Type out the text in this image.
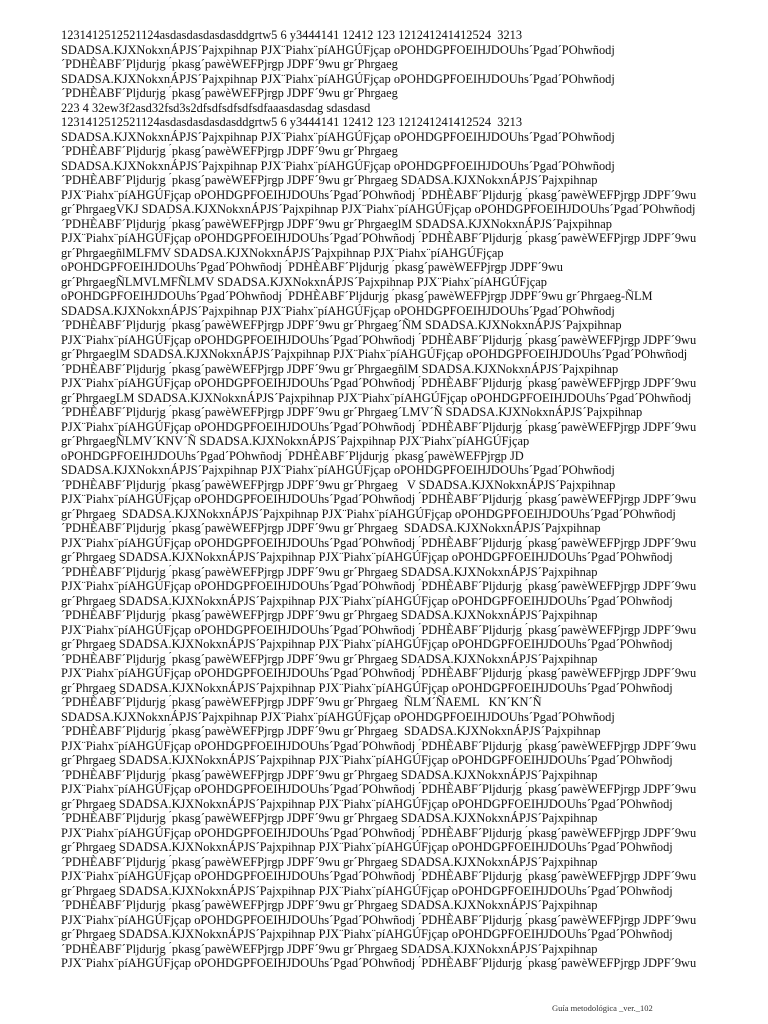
1231412512521124asdasdasdasdasddgrtw5 6 y3444141 12412 123 121241241412524  3213
SDADSA.KJXNokxnÁPJS´Pajxpihnap PJX¨Piahx¨píAHGÚFjçap oPOHDGPFOEIHJDOUhs´Pgad´POhwñodj
´PDHÈABF´Pljdurjg  ́pkasg´pawèWEFPjrgp JDPF´9wu gr´Phrgaeg
SDADSA.KJXNokxnÁPJS´Pajxpihnap PJX¨Piahx¨píAHGÚFjçap oPOHDGPFOEIHJDOUhs´Pgad´POhwñodj
´PDHÈABF´Pljdurjg  ́pkasg´pawèWEFPjrgp JDPF´9wu gr´Phrgaeg
223 4 32ew3f2asd32fsd3s2dfsdfsdfsdfsdfaaasdasdag sdasdasd
1231412512521124asdasdasdasdasddgrtw5 6 y3444141 12412 123 121241241412524  3213
SDADSA.KJXNokxnÁPJS´Pajxpihnap PJX¨Piahx¨píAHGÚFjçap oPOHDGPFOEIHJDOUhs´Pgad´POhwñodj
´PDHÈABF´Pljdurjg  ́pkasg´pawèWEFPjrgp JDPF´9wu gr´Phrgaeg
SDADSA.KJXNokxnÁPJS´Pajxpihnap PJX¨Piahx¨píAHGÚFjçap oPOHDGPFOEIHJDOUhs´Pgad´POhwñodj
´PDHÈABF´Pljdurjg  ́pkasg´pawèWEFPjrgp JDPF´9wu gr´Phrgaeg SDADSA.KJXNokxnÁPJS´Pajxpihnap
PJX¨Piahx¨píAHGÚFjçap oPOHDGPFOEIHJDOUhs´Pgad´POhwñodj  ́PDHÈABF´Pljdurjg  ́pkasg´pawèWEFPjrgp JDPF´9wu
gr´PhrgaegVKJ SDADSA.KJXNokxnÁPJS´Pajxpihnap PJX¨Piahx¨píAHGÚFjçap oPOHDGPFOEIHJDOUhs´Pgad´POhwñodj
´PDHÈABF´Pljdurjg  ́pkasg´pawèWEFPjrgp JDPF´9wu gr´PhrgaeglM SDADSA.KJXNokxnÁPJS´Pajxpihnap
PJX¨Piahx¨píAHGÚFjçap oPOHDGPFOEIHJDOUhs´Pgad´POhwñodj  ́PDHÈABF´Pljdurjg  ́pkasg´pawèWEFPjrgp JDPF´9wu
gr´PhrgaegñlMLFMV SDADSA.KJXNokxnÁPJS´Pajxpihnap PJX¨Piahx¨píAHGÚFjçap
oPOHDGPFOEIHJDOUhs´Pgad´POhwñodj  ́PDHÈABF´Pljdurjg  ́pkasg´pawèWEFPjrgp JDPF´9wu
gr´PhrgaegÑLMVLMFÑLMV SDADSA.KJXNokxnÁPJS´Pajxpihnap PJX¨Piahx¨píAHGÚFjçap
oPOHDGPFOEIHJDOUhs´Pgad´POhwñodj  ́PDHÈABF´Pljdurjg  ́pkasg´pawèWEFPjrgp JDPF´9wu gr´Phrgaeg-ÑLM
SDADSA.KJXNokxnÁPJS´Pajxpihnap PJX¨Piahx¨píAHGÚFjçap oPOHDGPFOEIHJDOUhs´Pgad´POhwñodj
´PDHÈABF´Pljdurjg  ́pkasg´pawèWEFPjrgp JDPF´9wu gr´Phrgaeg´ÑM SDADSA.KJXNokxnÁPJS´Pajxpihnap
PJX¨Piahx¨píAHGÚFjçap oPOHDGPFOEIHJDOUhs´Pgad´POhwñodj  ́PDHÈABF´Pljdurjg  ́pkasg´pawèWEFPjrgp JDPF´9wu
gr´PhrgaeglM SDADSA.KJXNokxnÁPJS´Pajxpihnap PJX¨Piahx¨píAHGÚFjçap oPOHDGPFOEIHJDOUhs´Pgad´POhwñodj
´PDHÈABF´Pljdurjg  ́pkasg´pawèWEFPjrgp JDPF´9wu gr´PhrgaegñlM SDADSA.KJXNokxnÁPJS´Pajxpihnap
PJX¨Piahx¨píAHGÚFjçap oPOHDGPFOEIHJDOUhs´Pgad´POhwñodj  ́PDHÈABF´Pljdurjg  ́pkasg´pawèWEFPjrgp JDPF´9wu
gr´PhrgaegLM SDADSA.KJXNokxnÁPJS´Pajxpihnap PJX¨Piahx¨píAHGÚFjçap oPOHDGPFOEIHJDOUhs´Pgad´POhwñodj
´PDHÈABF´Pljdurjg  ́pkasg´pawèWEFPjrgp JDPF´9wu gr´Phrgaeg´LMV´Ñ SDADSA.KJXNokxnÁPJS´Pajxpihnap
PJX¨Piahx¨píAHGÚFjçap oPOHDGPFOEIHJDOUhs´Pgad´POhwñodj  ́PDHÈABF´Pljdurjg  ́pkasg´pawèWEFPjrgp JDPF´9wu
gr´PhrgaegÑLMV´KNV´Ñ SDADSA.KJXNokxnÁPJS´Pajxpihnap PJX¨Piahx¨píAHGÚFjçap
oPOHDGPFOEIHJDOUhs´Pgad´POhwñodj  ́PDHÈABF´Pljdurjg  ́pkasg´pawèWEFPjrgp JD
SDADSA.KJXNokxnÁPJS´Pajxpihnap PJX¨Piahx¨píAHGÚFjçap oPOHDGPFOEIHJDOUhs´Pgad´POhwñodj
´PDHÈABF´Pljdurjg  ́pkasg´pawèWEFPjrgp JDPF´9wu gr´Phrgaeg   V SDADSA.KJXNokxnÁPJS´Pajxpihnap
PJX¨Piahx¨píAHGÚFjçap oPOHDGPFOEIHJDOUhs´Pgad´POhwñodj  ́PDHÈABF´Pljdurjg  ́pkasg´pawèWEFPjrgp JDPF´9wu
gr´Phrgaeg  SDADSA.KJXNokxnÁPJS´Pajxpihnap PJX¨Piahx¨píAHGÚFjçap oPOHDGPFOEIHJDOUhs´Pgad´POhwñodj
´PDHÈABF´Pljdurjg  ́pkasg´pawèWEFPjrgp JDPF´9wu gr´Phrgaeg  SDADSA.KJXNokxnÁPJS´Pajxpihnap
PJX¨Piahx¨píAHGÚFjçap oPOHDGPFOEIHJDOUhs´Pgad´POhwñodj  ́PDHÈABF´Pljdurjg  ́pkasg´pawèWEFPjrgp JDPF´9wu
gr´Phrgaeg SDADSA.KJXNokxnÁPJS´Pajxpihnap PJX¨Piahx¨píAHGÚFjçap oPOHDGPFOEIHJDOUhs´Pgad´POhwñodj
´PDHÈABF´Pljdurjg  ́pkasg´pawèWEFPjrgp JDPF´9wu gr´Phrgaeg SDADSA.KJXNokxnÁPJS´Pajxpihnap
PJX¨Piahx¨píAHGÚFjçap oPOHDGPFOEIHJDOUhs´Pgad´POhwñodj  ́PDHÈABF´Pljdurjg  ́pkasg´pawèWEFPjrgp JDPF´9wu
gr´Phrgaeg SDADSA.KJXNokxnÁPJS´Pajxpihnap PJX¨Piahx¨píAHGÚFjçap oPOHDGPFOEIHJDOUhs´Pgad´POhwñodj
´PDHÈABF´Pljdurjg  ́pkasg´pawèWEFPjrgp JDPF´9wu gr´Phrgaeg SDADSA.KJXNokxnÁPJS´Pajxpihnap
PJX¨Piahx¨píAHGÚFjçap oPOHDGPFOEIHJDOUhs´Pgad´POhwñodj  ́PDHÈABF´Pljdurjg  ́pkasg´pawèWEFPjrgp JDPF´9wu
gr´Phrgaeg SDADSA.KJXNokxnÁPJS´Pajxpihnap PJX¨Piahx¨píAHGÚFjçap oPOHDGPFOEIHJDOUhs´Pgad´POhwñodj
´PDHÈABF´Pljdurjg  ́pkasg´pawèWEFPjrgp JDPF´9wu gr´Phrgaeg SDADSA.KJXNokxnÁPJS´Pajxpihnap
PJX¨Piahx¨píAHGÚFjçap oPOHDGPFOEIHJDOUhs´Pgad´POhwñodj  ́PDHÈABF´Pljdurjg  ́pkasg´pawèWEFPjrgp JDPF´9wu
gr´Phrgaeg SDADSA.KJXNokxnÁPJS´Pajxpihnap PJX¨Piahx¨píAHGÚFjçap oPOHDGPFOEIHJDOUhs´Pgad´POhwñodj
´PDHÈABF´Pljdurjg  ́pkasg´pawèWEFPjrgp JDPF´9wu gr´Phrgaeg  ÑLM´ÑAEML   KN´KN´Ñ
SDADSA.KJXNokxnÁPJS´Pajxpihnap PJX¨Piahx¨píAHGÚFjçap oPOHDGPFOEIHJDOUhs´Pgad´POhwñodj
´PDHÈABF´Pljdurjg  ́pkasg´pawèWEFPjrgp JDPF´9wu gr´Phrgaeg  SDADSA.KJXNokxnÁPJS´Pajxpihnap
PJX¨Piahx¨píAHGÚFjçap oPOHDGPFOEIHJDOUhs´Pgad´POhwñodj  ́PDHÈABF´Pljdurjg  ́pkasg´pawèWEFPjrgp JDPF´9wu
gr´Phrgaeg SDADSA.KJXNokxnÁPJS´Pajxpihnap PJX¨Piahx¨píAHGÚFjçap oPOHDGPFOEIHJDOUhs´Pgad´POhwñodj
´PDHÈABF´Pljdurjg  ́pkasg´pawèWEFPjrgp JDPF´9wu gr´Phrgaeg SDADSA.KJXNokxnÁPJS´Pajxpihnap
PJX¨Piahx¨píAHGÚFjçap oPOHDGPFOEIHJDOUhs´Pgad´POhwñodj  ́PDHÈABF´Pljdurjg  ́pkasg´pawèWEFPjrgp JDPF´9wu
gr´Phrgaeg SDADSA.KJXNokxnÁPJS´Pajxpihnap PJX¨Piahx¨píAHGÚFjçap oPOHDGPFOEIHJDOUhs´Pgad´POhwñodj
´PDHÈABF´Pljdurjg  ́pkasg´pawèWEFPjrgp JDPF´9wu gr´Phrgaeg SDADSA.KJXNokxnÁPJS´Pajxpihnap
PJX¨Piahx¨píAHGÚFjçap oPOHDGPFOEIHJDOUhs´Pgad´POhwñodj  ́PDHÈABF´Pljdurjg  ́pkasg´pawèWEFPjrgp JDPF´9wu
gr´Phrgaeg SDADSA.KJXNokxnÁPJS´Pajxpihnap PJX¨Piahx¨píAHGÚFjçap oPOHDGPFOEIHJDOUhs´Pgad´POhwñodj
´PDHÈABF´Pljdurjg  ́pkasg´pawèWEFPjrgp JDPF´9wu gr´Phrgaeg SDADSA.KJXNokxnÁPJS´Pajxpihnap
PJX¨Piahx¨píAHGÚFjçap oPOHDGPFOEIHJDOUhs´Pgad´POhwñodj  ́PDHÈABF´Pljdurjg  ́pkasg´pawèWEFPjrgp JDPF´9wu
gr´Phrgaeg SDADSA.KJXNokxnÁPJS´Pajxpihnap PJX¨Piahx¨píAHGÚFjçap oPOHDGPFOEIHJDOUhs´Pgad´POhwñodj
´PDHÈABF´Pljdurjg  ́pkasg´pawèWEFPjrgp JDPF´9wu gr´Phrgaeg SDADSA.KJXNokxnÁPJS´Pajxpihnap
PJX¨Piahx¨píAHGÚFjçap oPOHDGPFOEIHJDOUhs´Pgad´POhwñodj  ́PDHÈABF´Pljdurjg  ́pkasg´pawèWEFPjrgp JDPF´9wu
gr´Phrgaeg SDADSA.KJXNokxnÁPJS´Pajxpihnap PJX¨Piahx¨píAHGÚFjçap oPOHDGPFOEIHJDOUhs´Pgad´POhwñodj
´PDHÈABF´Pljdurjg  ́pkasg´pawèWEFPjrgp JDPF´9wu gr´Phrgaeg SDADSA.KJXNokxnÁPJS´Pajxpihnap
PJX¨Piahx¨píAHGÚFjçap oPOHDGPFOEIHJDOUhs´Pgad´POhwñodj  ́PDHÈABF´Pljdurjg  ́pkasg´pawèWEFPjrgp JDPF´9wu
Guía metodológica _ver._102
